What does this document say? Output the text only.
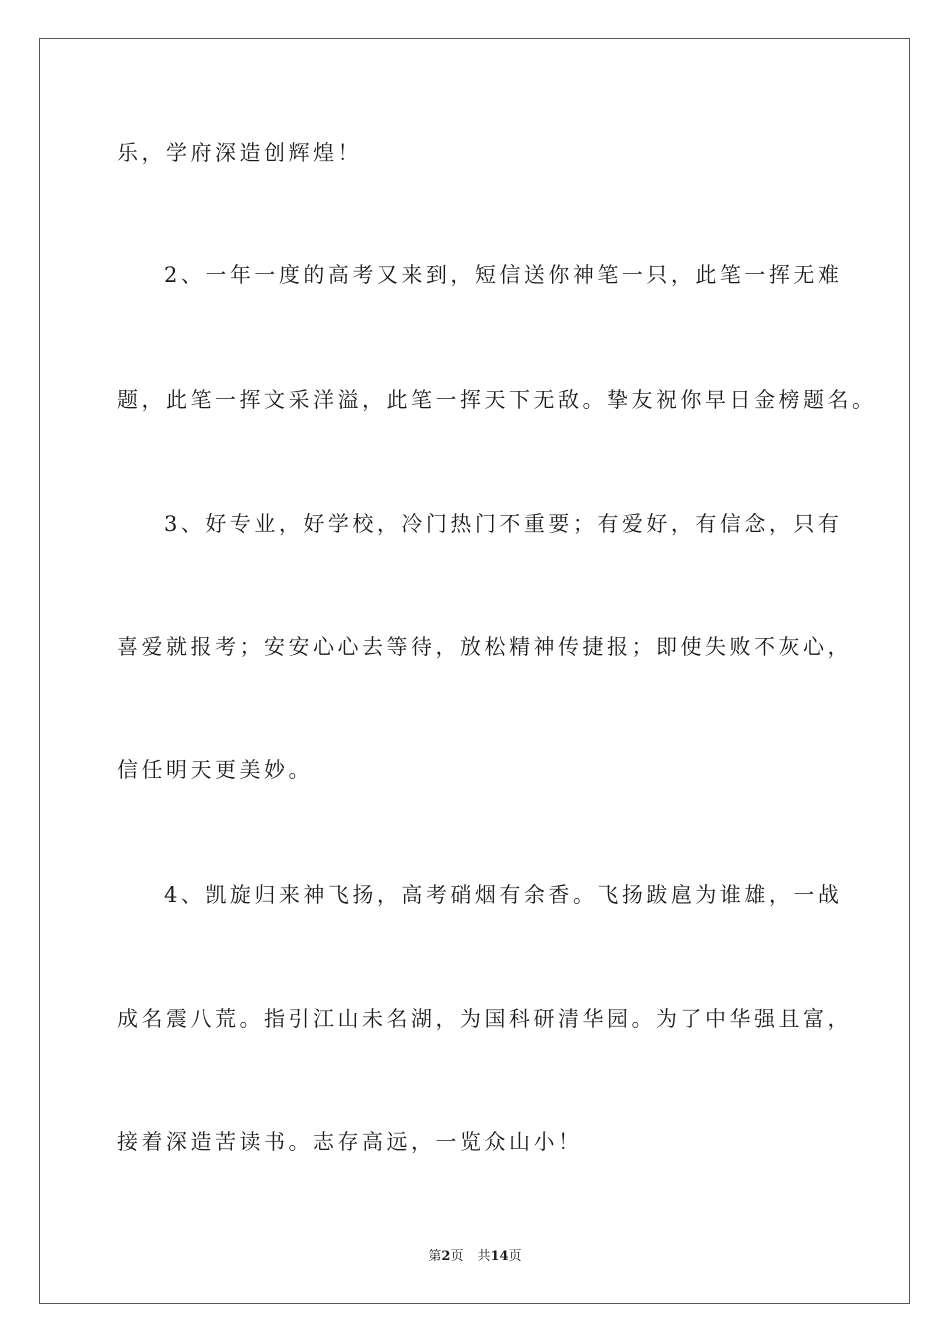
乐，学府深造创辉煌！
2、一年一度的高考又来到，短信送你神笔一只，此笔一挥无难
题，此笔一挥文采洋溢，此笔一挥天下无敌。挚友祝你早日金榜题名。
3、好专业，好学校，冷门热门不重要；有爱好，有信念，只有
喜爱就报考；安安心心去等待，放松精神传捷报；即使失败不灰心，
信任明天更美妙。
4、凯旋归来神飞扬，高考硝烟有余香。飞扬跋扈为谁雄，一战
成名震八荒。指引江山未名湖，为国科研清华园。为了中华强且富，
接着深造苦读书。志存高远，一览众山小！
第2页 共14页
